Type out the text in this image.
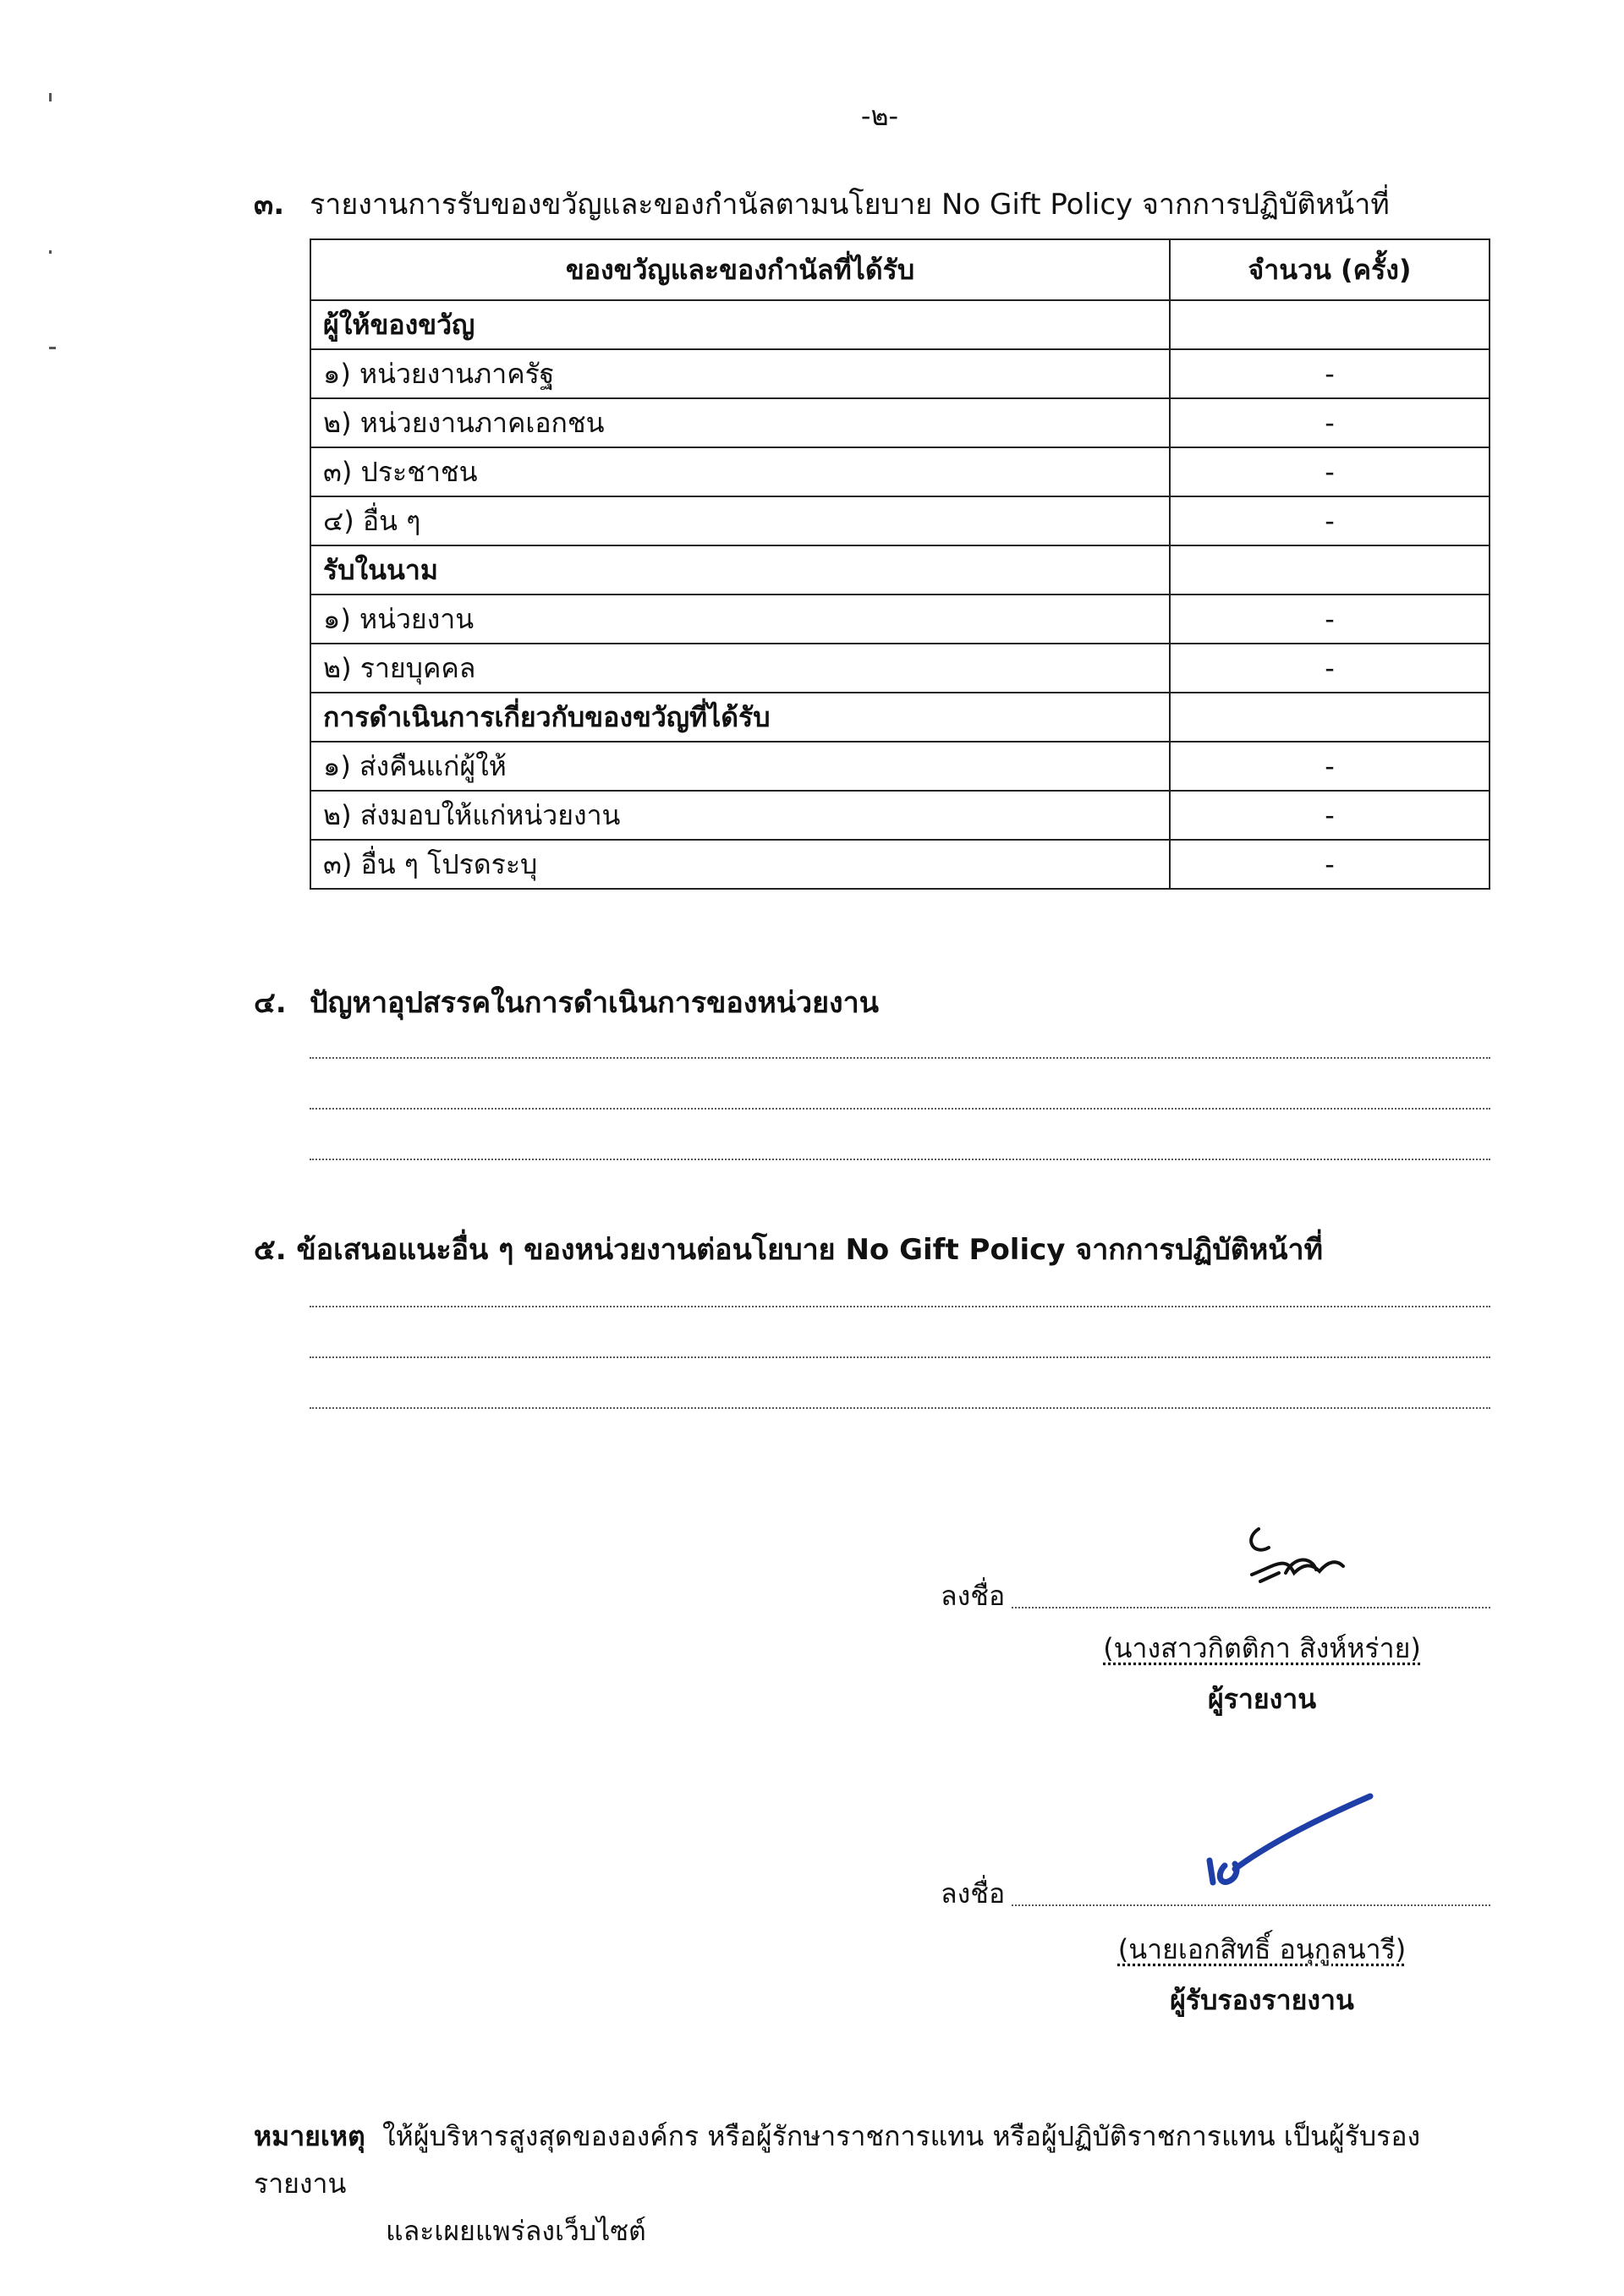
-๒-
๓. รายงานการรับของขวัญและของกำนัลตามนโยบาย No Gift Policy จากการปฏิบัติหน้าที่
ของขวัญและของกำนัลที่ได้รับ	จำนวน (ครั้ง)
ผู้ให้ของขวัญ	
๑) หน่วยงานภาครัฐ	-
๒) หน่วยงานภาคเอกชน	-
๓) ประชาชน	-
๔) อื่น ๆ	-
รับในนาม	
๑) หน่วยงาน	-
๒) รายบุคคล	-
การดำเนินการเกี่ยวกับของขวัญที่ได้รับ	
๑) ส่งคืนแก่ผู้ให้	-
๒) ส่งมอบให้แก่หน่วยงาน	-
๓) อื่น ๆ โปรดระบุ	-
๔. ปัญหาอุปสรรคในการดำเนินการของหน่วยงาน
๕. ข้อเสนอแนะอื่น ๆ ของหน่วยงานต่อนโยบาย No Gift Policy จากการปฏิบัติหน้าที่
ลงชื่อ
(นางสาวกิตติกา สิงห์หร่าย)
ผู้รายงาน
ลงชื่อ
(นายเอกสิทธิ์ อนุกูลนารี)
ผู้รับรองรายงาน
หมายเหตุ ให้ผู้บริหารสูงสุดขององค์กร หรือผู้รักษาราชการแทน หรือผู้ปฏิบัติราชการแทน เป็นผู้รับรองรายงาน
และเผยแพร่ลงเว็บไซต์
